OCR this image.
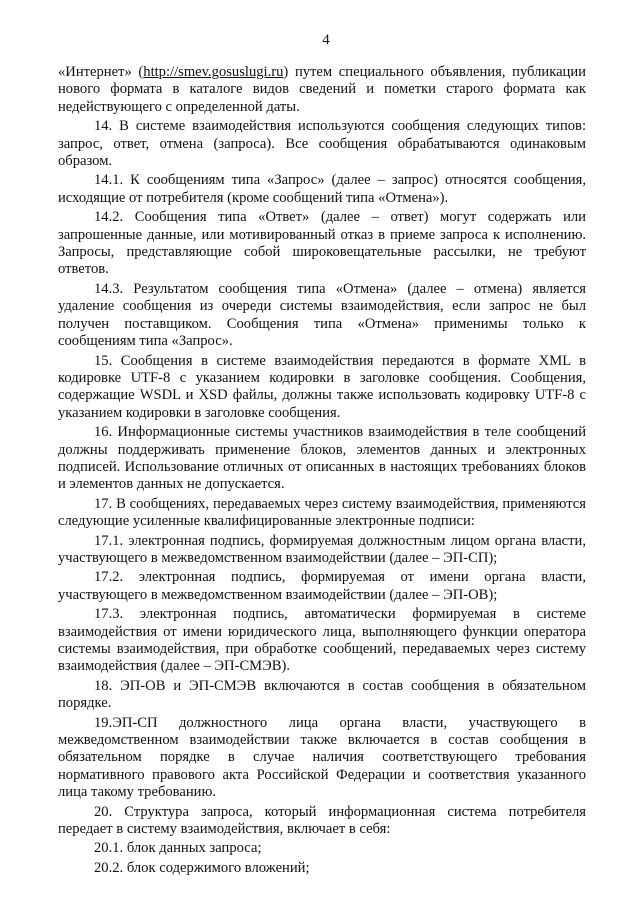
4

«Интернет» (http://smev.gosuslugi.ru) путем специального объявления, публикации нового формата в каталоге видов сведений и пометки старого формата как недействующего с определенной даты.

14. В системе взаимодействия используются сообщения следующих типов: запрос, ответ, отмена (запроса). Все сообщения обрабатываются одинаковым образом.

14.1. К сообщениям типа «Запрос» (далее – запрос) относятся сообщения, исходящие от потребителя (кроме сообщений типа «Отмена»).

14.2. Сообщения типа «Ответ» (далее – ответ) могут содержать или запрошенные данные, или мотивированный отказ в приеме запроса к исполнению. Запросы, представляющие собой широковещательные рассылки, не требуют ответов.

14.3. Результатом сообщения типа «Отмена» (далее – отмена) является удаление сообщения из очереди системы взаимодействия, если запрос не был получен поставщиком. Сообщения типа «Отмена» применимы только к сообщениям типа «Запрос».

15. Сообщения в системе взаимодействия передаются в формате XML в кодировке UTF-8 с указанием кодировки в заголовке сообщения. Сообщения, содержащие WSDL и XSD файлы, должны также использовать кодировку UTF-8 с указанием кодировки в заголовке сообщения.

16. Информационные системы участников взаимодействия в теле сообщений должны поддерживать применение блоков, элементов данных и электронных подписей. Использование отличных от описанных в настоящих требованиях блоков и элементов данных не допускается.

17. В сообщениях, передаваемых через систему взаимодействия, применяются следующие усиленные квалифицированные электронные подписи:

17.1. электронная подпись, формируемая должностным лицом органа власти, участвующего в межведомственном взаимодействии (далее – ЭП-СП);

17.2. электронная подпись, формируемая от имени органа власти, участвующего в межведомственном взаимодействии (далее – ЭП-ОВ);

17.3. электронная подпись, автоматически формируемая в системе взаимодействия от имени юридического лица, выполняющего функции оператора системы взаимодействия, при обработке сообщений, передаваемых через систему взаимодействия (далее – ЭП-СМЭВ).

18. ЭП-ОВ и ЭП-СМЭВ включаются в состав сообщения в обязательном порядке.

19.ЭП-СП должностного лица органа власти, участвующего в межведомственном взаимодействии также включается в состав сообщения в обязательном порядке в случае наличия соответствующего требования нормативного правового акта Российской Федерации и соответствия указанного лица такому требованию.

20. Структура запроса, который информационная система потребителя передает в систему взаимодействия, включает в себя:

20.1. блок данных запроса;

20.2. блок содержимого вложений;
